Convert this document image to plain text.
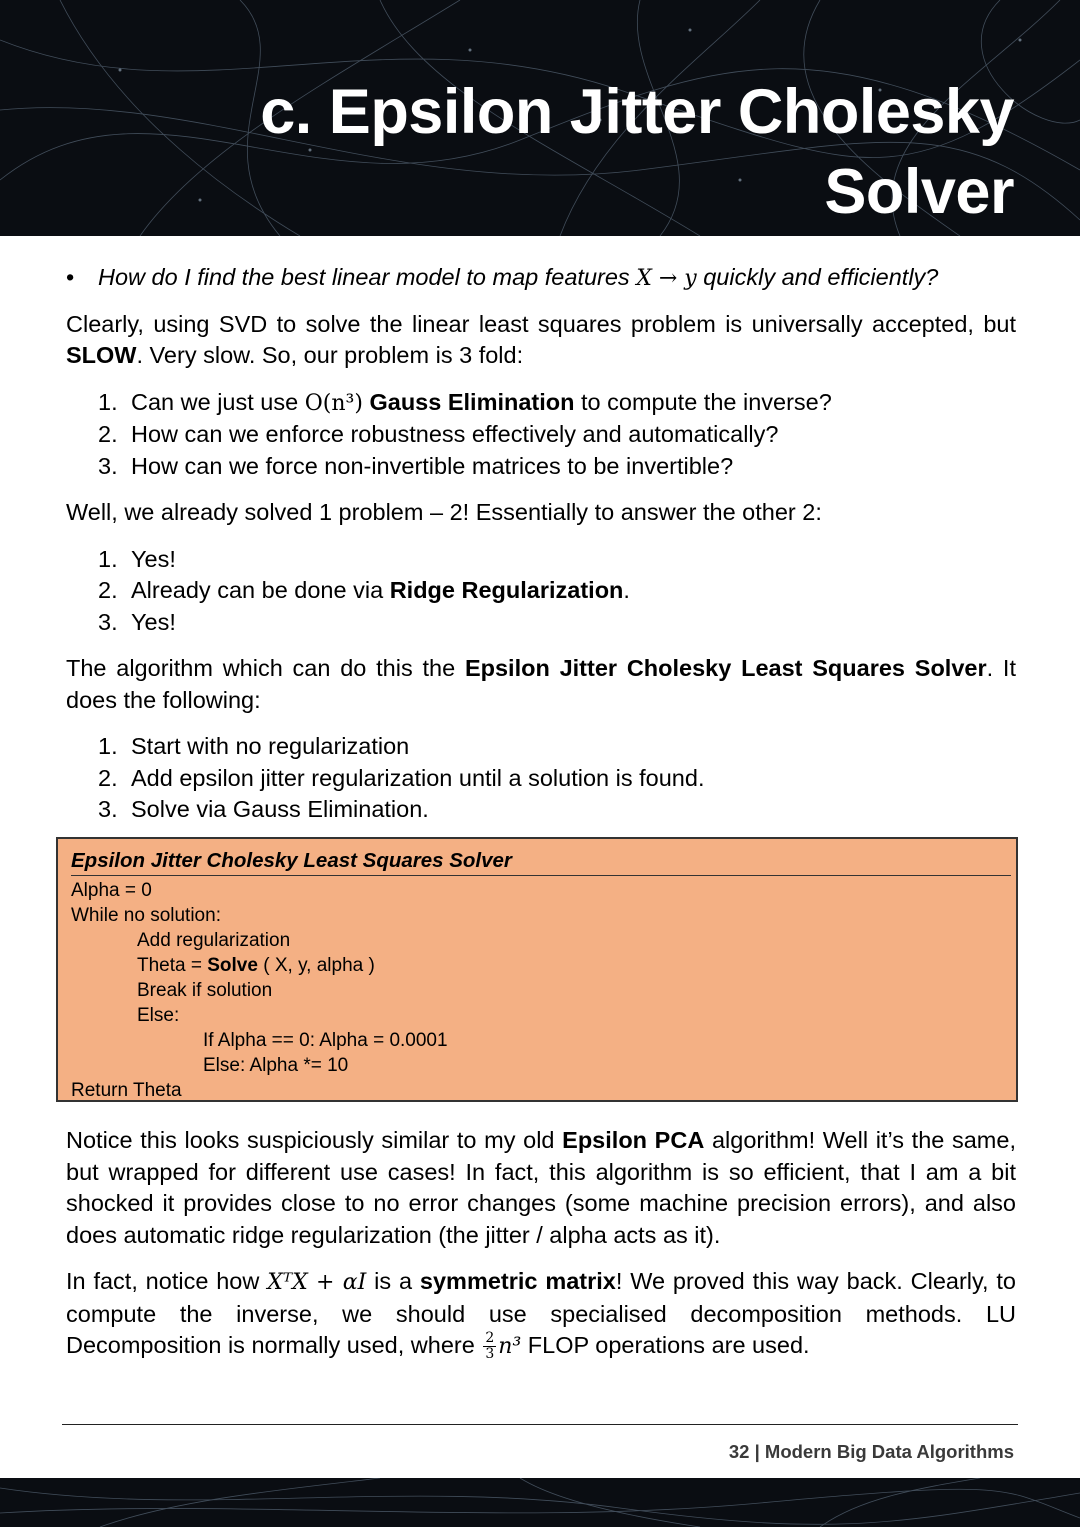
c. Epsilon Jitter Cholesky
Solver
• How do I find the best linear model to map features X → y quickly and efficiently?

Clearly, using SVD to solve the linear least squares problem is universally accepted, but SLOW. Very slow. So, our problem is 3 fold:

1. Can we just use O(n³) Gauss Elimination to compute the inverse?
2. How can we enforce robustness effectively and automatically?
3. How can we force non-invertible matrices to be invertible?

Well, we already solved 1 problem – 2! Essentially to answer the other 2:

1. Yes!
2. Already can be done via Ridge Regularization.
3. Yes!

The algorithm which can do this the Epsilon Jitter Cholesky Least Squares Solver. It does the following:

1. Start with no regularization
2. Add epsilon jitter regularization until a solution is found.
3. Solve via Gauss Elimination.
Epsilon Jitter Cholesky Least Squares Solver
Alpha = 0
While no solution:
Add regularization
Theta = Solve ( X, y, alpha )
Break if solution
Else:
If Alpha == 0: Alpha = 0.0001
Else: Alpha *= 10
Return Theta

Notice this looks suspiciously similar to my old Epsilon PCA algorithm! Well it’s the same, but wrapped for different use cases! In fact, this algorithm is so efficient, that I am a bit shocked it provides close to no error changes (some machine precision errors), and also does automatic ridge regularization (the jitter / alpha acts as it).

In fact, notice how XᵀX + αI is a symmetric matrix! We proved this way back. Clearly, to compute the inverse, we should use specialised decomposition methods. LU Decomposition is normally used, where $\frac{2}{3} n^3$ FLOP operations are used.

32 | Modern Big Data Algorithms
